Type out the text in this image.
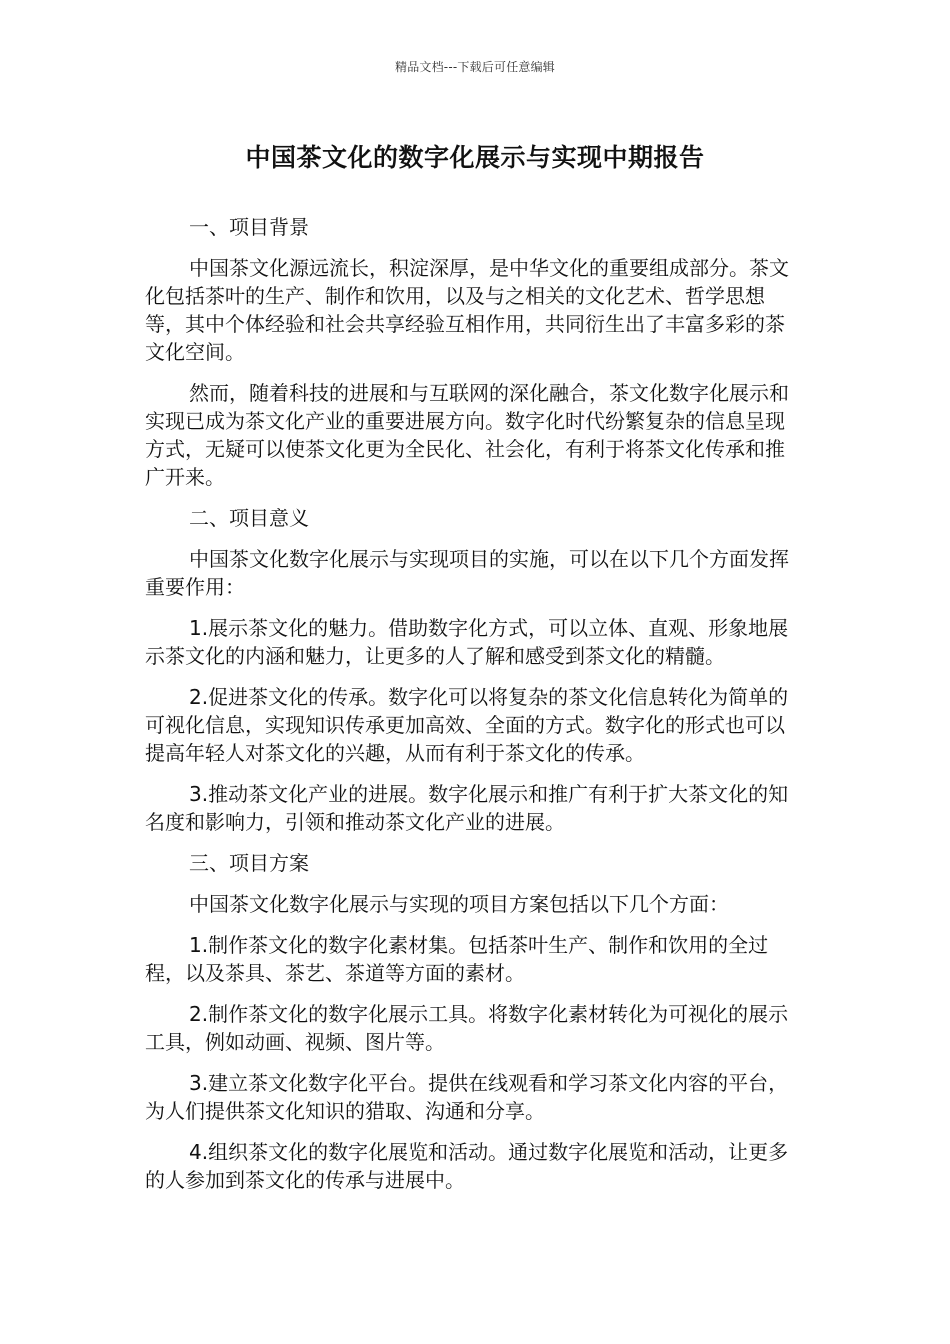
精品文档---下载后可任意编辑
中国茶文化的数字化展示与实现中期报告

一、项目背景

中国茶文化源远流长，积淀深厚，是中华文化的重要组成部分。茶文化包括茶叶的生产、制作和饮用，以及与之相关的文化艺术、哲学思想等，其中个体经验和社会共享经验互相作用，共同衍生出了丰富多彩的茶文化空间。

然而，随着科技的进展和与互联网的深化融合，茶文化数字化展示和实现已成为茶文化产业的重要进展方向。数字化时代纷繁复杂的信息呈现方式，无疑可以使茶文化更为全民化、社会化，有利于将茶文化传承和推广开来。

二、项目意义

中国茶文化数字化展示与实现项目的实施，可以在以下几个方面发挥重要作用：

1.展示茶文化的魅力。借助数字化方式，可以立体、直观、形象地展示茶文化的内涵和魅力，让更多的人了解和感受到茶文化的精髓。

2.促进茶文化的传承。数字化可以将复杂的茶文化信息转化为简单的可视化信息，实现知识传承更加高效、全面的方式。数字化的形式也可以提高年轻人对茶文化的兴趣，从而有利于茶文化的传承。

3.推动茶文化产业的进展。数字化展示和推广有利于扩大茶文化的知名度和影响力，引领和推动茶文化产业的进展。

三、项目方案

中国茶文化数字化展示与实现的项目方案包括以下几个方面：

1.制作茶文化的数字化素材集。包括茶叶生产、制作和饮用的全过程，以及茶具、茶艺、茶道等方面的素材。

2.制作茶文化的数字化展示工具。将数字化素材转化为可视化的展示工具，例如动画、视频、图片等。

3.建立茶文化数字化平台。提供在线观看和学习茶文化内容的平台，为人们提供茶文化知识的猎取、沟通和分享。

4.组织茶文化的数字化展览和活动。通过数字化展览和活动，让更多的人参加到茶文化的传承与进展中。
